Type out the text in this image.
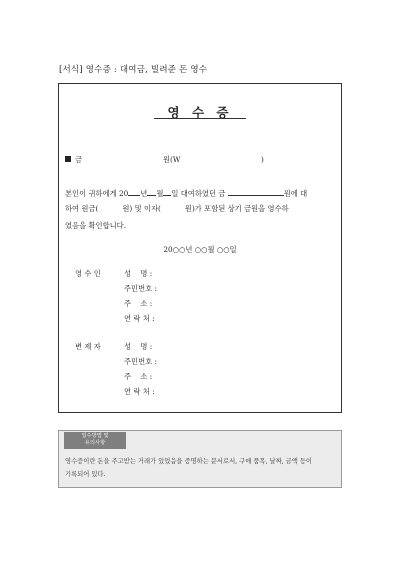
[서식] 영수증 : 대여금, 빌려준 돈 영수
영 수 증
금	원(W	)
본인이 귀하에게 20 년 월 일 대여하였던 금	원에 대
하여 원금(	원) 및 이자(	원)가 포함된 상기 금원을 영수하
였음을 확인합니다.
20○○년 ○○월 ○○일
영 수 인	성    명 :
주민번호 :
주    소 :
연 락 처 :
변 제 자	성    명 :
주민번호 :
주    소 :
연 락 처 :
업수방법 및
유의사항
영수증이란 돈을 주고받는 거래가 있었음을 증명하는 문서로서, 구매 품목, 날짜, 금액 등이
기록되어 있다.
